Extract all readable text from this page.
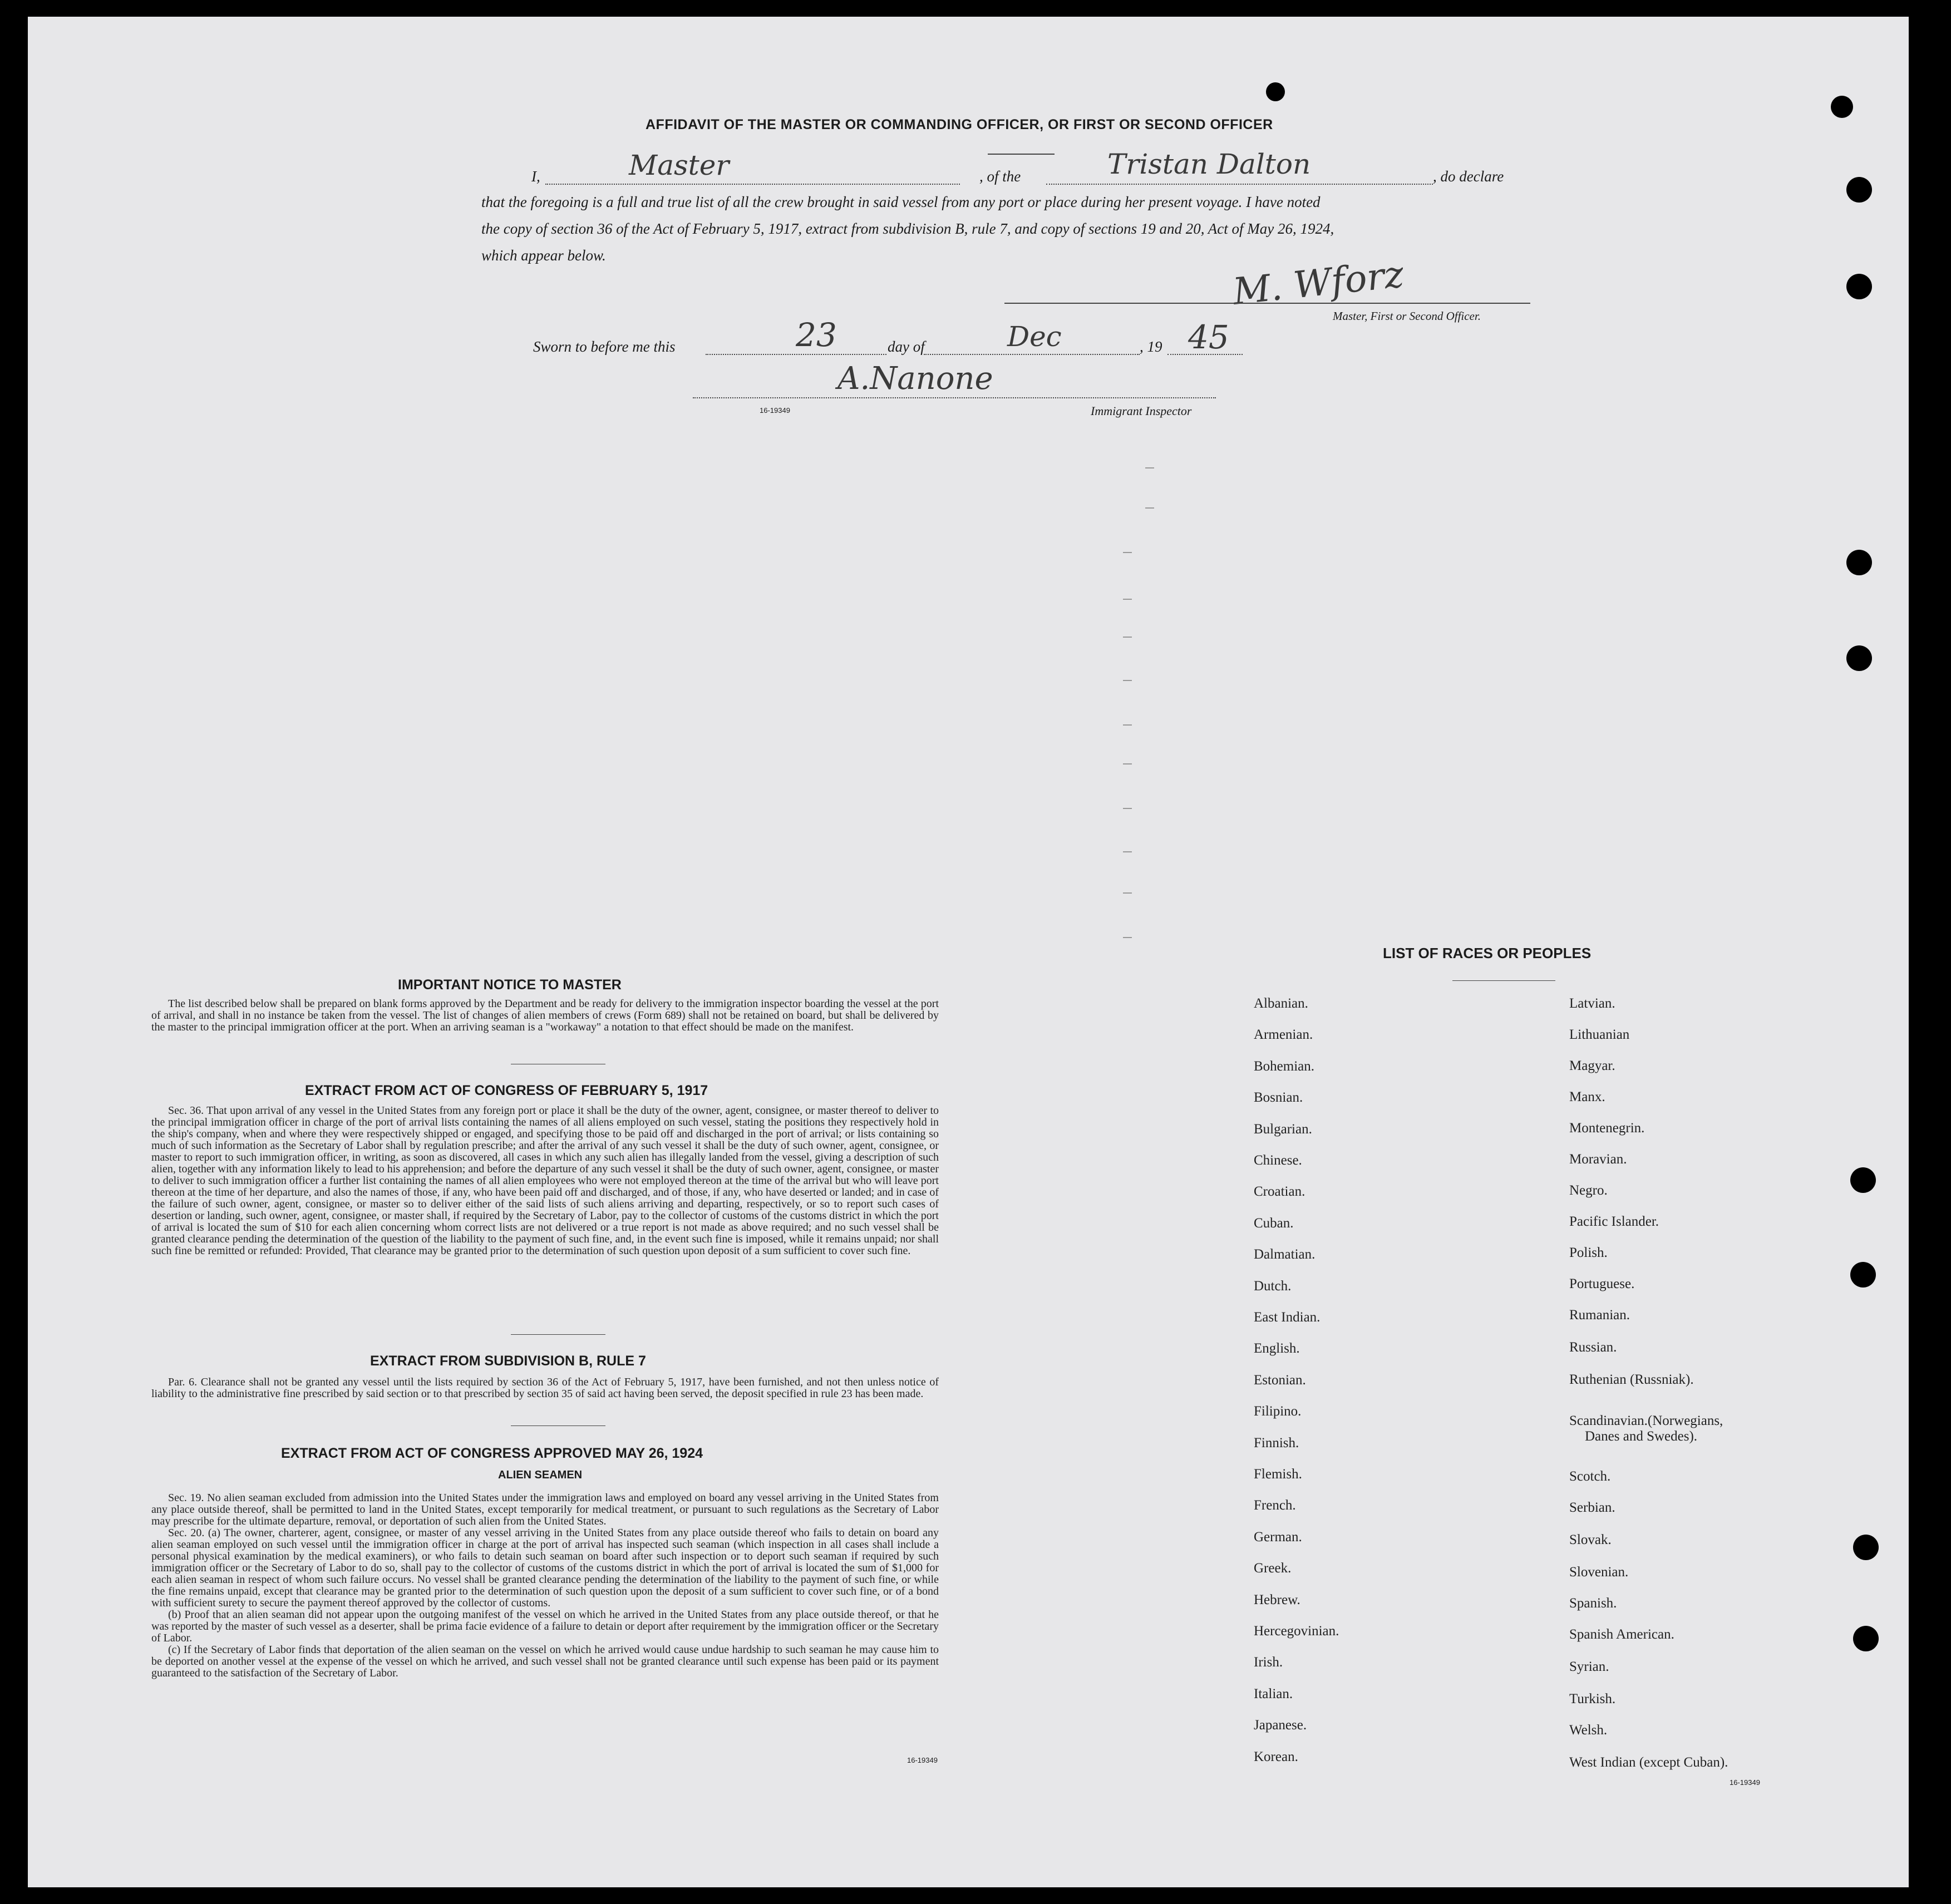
AFFIDAVIT OF THE MASTER OR COMMANDING OFFICER, OR FIRST OR SECOND OFFICER
I,	Master	, of the	Tristan Dalton	, do declare
that the foregoing is a full and true list of all the crew brought in said vessel from any port or place during her present voyage. I have noted
the copy of section 36 of the Act of February 5, 1917, extract from subdivision B, rule 7, and copy of sections 19 and 20, Act of May 26, 1924,
which appear below.	M. Wforz
Master, First or Second Officer.
Sworn to before me this	23	day of	Dec	, 19 45
A.Nanone
16-19349	Immigrant Inspector
IMPORTANT NOTICE TO MASTER

The list described below shall be prepared on blank forms approved by the Department and be ready for delivery to the immigration inspector boarding the vessel at the port of arrival, and shall in no instance be taken from the vessel. The list of changes of alien members of crews (Form 689) shall not be retained on board, but shall be delivered by the master to the principal immigration officer at the port. When an arriving seaman is a "workaway" a notation to that effect should be made on the manifest.

EXTRACT FROM ACT OF CONGRESS OF FEBRUARY 5, 1917

Sec. 36. That upon arrival of any vessel in the United States from any foreign port or place it shall be the duty of the owner, agent, consignee, or master thereof to deliver to the principal immigration officer in charge of the port of arrival lists containing the names of all aliens employed on such vessel, stating the positions they respectively hold in the ship's company, when and where they were respectively shipped or engaged, and specifying those to be paid off and discharged in the port of arrival; or lists containing so much of such information as the Secretary of Labor shall by regulation prescribe; and after the arrival of any such vessel it shall be the duty of such owner, agent, consignee, or master to report to such immigration officer, in writing, as soon as discovered, all cases in which any such alien has illegally landed from the vessel, giving a description of such alien, together with any information likely to lead to his apprehension; and before the departure of any such vessel it shall be the duty of such owner, agent, consignee, or master to deliver to such immigration officer a further list containing the names of all alien employees who were not employed thereon at the time of the arrival but who will leave port thereon at the time of her departure, and also the names of those, if any, who have been paid off and discharged, and of those, if any, who have deserted or landed; and in case of the failure of such owner, agent, consignee, or master so to deliver either of the said lists of such aliens arriving and departing, respectively, or so to report such cases of desertion or landing, such owner, agent, consignee, or master shall, if required by the Secretary of Labor, pay to the collector of customs of the customs district in which the port of arrival is located the sum of $10 for each alien concerning whom correct lists are not delivered or a true report is not made as above required; and no such vessel shall be granted clearance pending the determination of the question of the liability to the payment of such fine, and, in the event such fine is imposed, while it remains unpaid; nor shall such fine be remitted or refunded: Provided, That clearance may be granted prior to the determination of such question upon deposit of a sum sufficient to cover such fine.

EXTRACT FROM SUBDIVISION B, RULE 7

Par. 6. Clearance shall not be granted any vessel until the lists required by section 36 of the Act of February 5, 1917, have been furnished, and not then unless notice of liability to the administrative fine prescribed by said section or to that prescribed by section 35 of said act having been served, the deposit specified in rule 23 has been made.

EXTRACT FROM ACT OF CONGRESS APPROVED MAY 26, 1924
ALIEN SEAMEN

Sec. 19. No alien seaman excluded from admission into the United States under the immigration laws and employed on board any vessel arriving in the United States from any place outside thereof, shall be permitted to land in the United States, except temporarily for medical treatment, or pursuant to such regulations as the Secretary of Labor may prescribe for the ultimate departure, removal, or deportation of such alien from the United States.

Sec. 20. (a) The owner, charterer, agent, consignee, or master of any vessel arriving in the United States from any place outside thereof who fails to detain on board any alien seaman employed on such vessel until the immigration officer in charge at the port of arrival has inspected such seaman (which inspection in all cases shall include a personal physical examination by the medical examiners), or who fails to detain such seaman on board after such inspection or to deport such seaman if required by such immigration officer or the Secretary of Labor to do so, shall pay to the collector of customs of the customs district in which the port of arrival is located the sum of $1,000 for each alien seaman in respect of whom such failure occurs. No vessel shall be granted clearance pending the determination of the liability to the payment of such fine, or while the fine remains unpaid, except that clearance may be granted prior to the determination of such question upon the deposit of a sum sufficient to cover such fine, or of a bond with sufficient surety to secure the payment thereof approved by the collector of customs.

(b) Proof that an alien seaman did not appear upon the outgoing manifest of the vessel on which he arrived in the United States from any place outside thereof, or that he was reported by the master of such vessel as a deserter, shall be prima facie evidence of a failure to detain or deport after requirement by the immigration officer or the Secretary of Labor.

(c) If the Secretary of Labor finds that deportation of the alien seaman on the vessel on which he arrived would cause undue hardship to such seaman he may cause him to be deported on another vessel at the expense of the vessel on which he arrived, and such vessel shall not be granted clearance until such expense has been paid or its payment guaranteed to the satisfaction of the Secretary of Labor.

16-19349
LIST OF RACES OR PEOPLES
Albanian.
Armenian.
Bohemian.
Bosnian.
Bulgarian.
Chinese.
Croatian.
Cuban.
Dalmatian.
Dutch.
East Indian.
English.
Estonian.
Filipino.
Finnish.
Flemish.
French.
German.
Greek.
Hebrew.
Hercegovinian.
Irish.
Italian.
Japanese.
Korean.
Latvian.
Lithuanian
Magyar.
Manx.
Montenegrin.
Moravian.
Negro.
Pacific Islander.
Polish.
Portuguese.
Rumanian.
Russian.
Ruthenian (Russniak).
Scandinavian.(Norwegians,
Scotch.
Serbian.
Slovak.
Slovenian.
Spanish.
Spanish American.
Syrian.
Turkish.
Welsh.
West Indian (except Cuban).
Danes and Swedes).
16-19349
